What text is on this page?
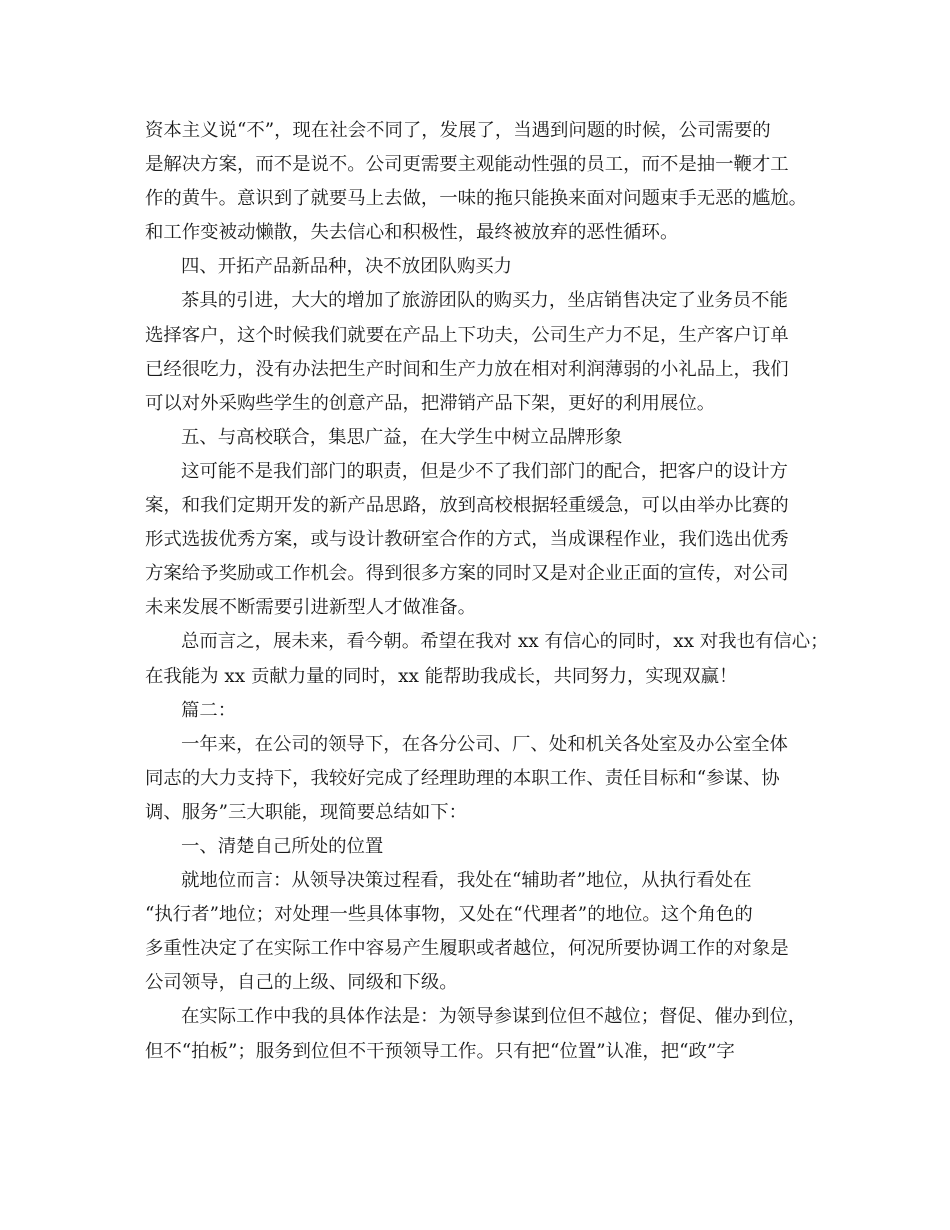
资本主义说“不”，现在社会不同了，发展了，当遇到问题的时候，公司需要的
是解决方案，而不是说不。公司更需要主观能动性强的员工，而不是抽一鞭才工
作的黄牛。意识到了就要马上去做，一味的拖只能换来面对问题束手无恶的尴尬。
和工作变被动懒散，失去信心和积极性，最终被放弃的恶性循环。
四、开拓产品新品种，决不放团队购买力
茶具的引进，大大的增加了旅游团队的购买力，坐店销售决定了业务员不能
选择客户，这个时候我们就要在产品上下功夫，公司生产力不足，生产客户订单
已经很吃力，没有办法把生产时间和生产力放在相对利润薄弱的小礼品上，我们
可以对外采购些学生的创意产品，把滞销产品下架，更好的利用展位。
五、与高校联合，集思广益，在大学生中树立品牌形象
这可能不是我们部门的职责，但是少不了我们部门的配合，把客户的设计方
案，和我们定期开发的新产品思路，放到高校根据轻重缓急，可以由举办比赛的
形式选拔优秀方案，或与设计教研室合作的方式，当成课程作业，我们选出优秀
方案给予奖励或工作机会。得到很多方案的同时又是对企业正面的宣传，对公司
未来发展不断需要引进新型人才做准备。
总而言之，展未来，看今朝。希望在我对 xx 有信心的同时，xx 对我也有信心；
在我能为 xx 贡献力量的同时，xx 能帮助我成长，共同努力，实现双赢！
篇二：
一年来，在公司的领导下，在各分公司、厂、处和机关各处室及办公室全体
同志的大力支持下，我较好完成了经理助理的本职工作、责任目标和“参谋、协
调、服务”三大职能，现简要总结如下：
一、清楚自己所处的位置
就地位而言：从领导决策过程看，我处在“辅助者”地位，从执行看处在
“执行者”地位；对处理一些具体事物，又处在“代理者”的地位。这个角色的
多重性决定了在实际工作中容易产生履职或者越位，何况所要协调工作的对象是
公司领导，自己的上级、同级和下级。
在实际工作中我的具体作法是：为领导参谋到位但不越位；督促、催办到位，
但不“拍板”；服务到位但不干预领导工作。只有把“位置”认准，把“政”字
